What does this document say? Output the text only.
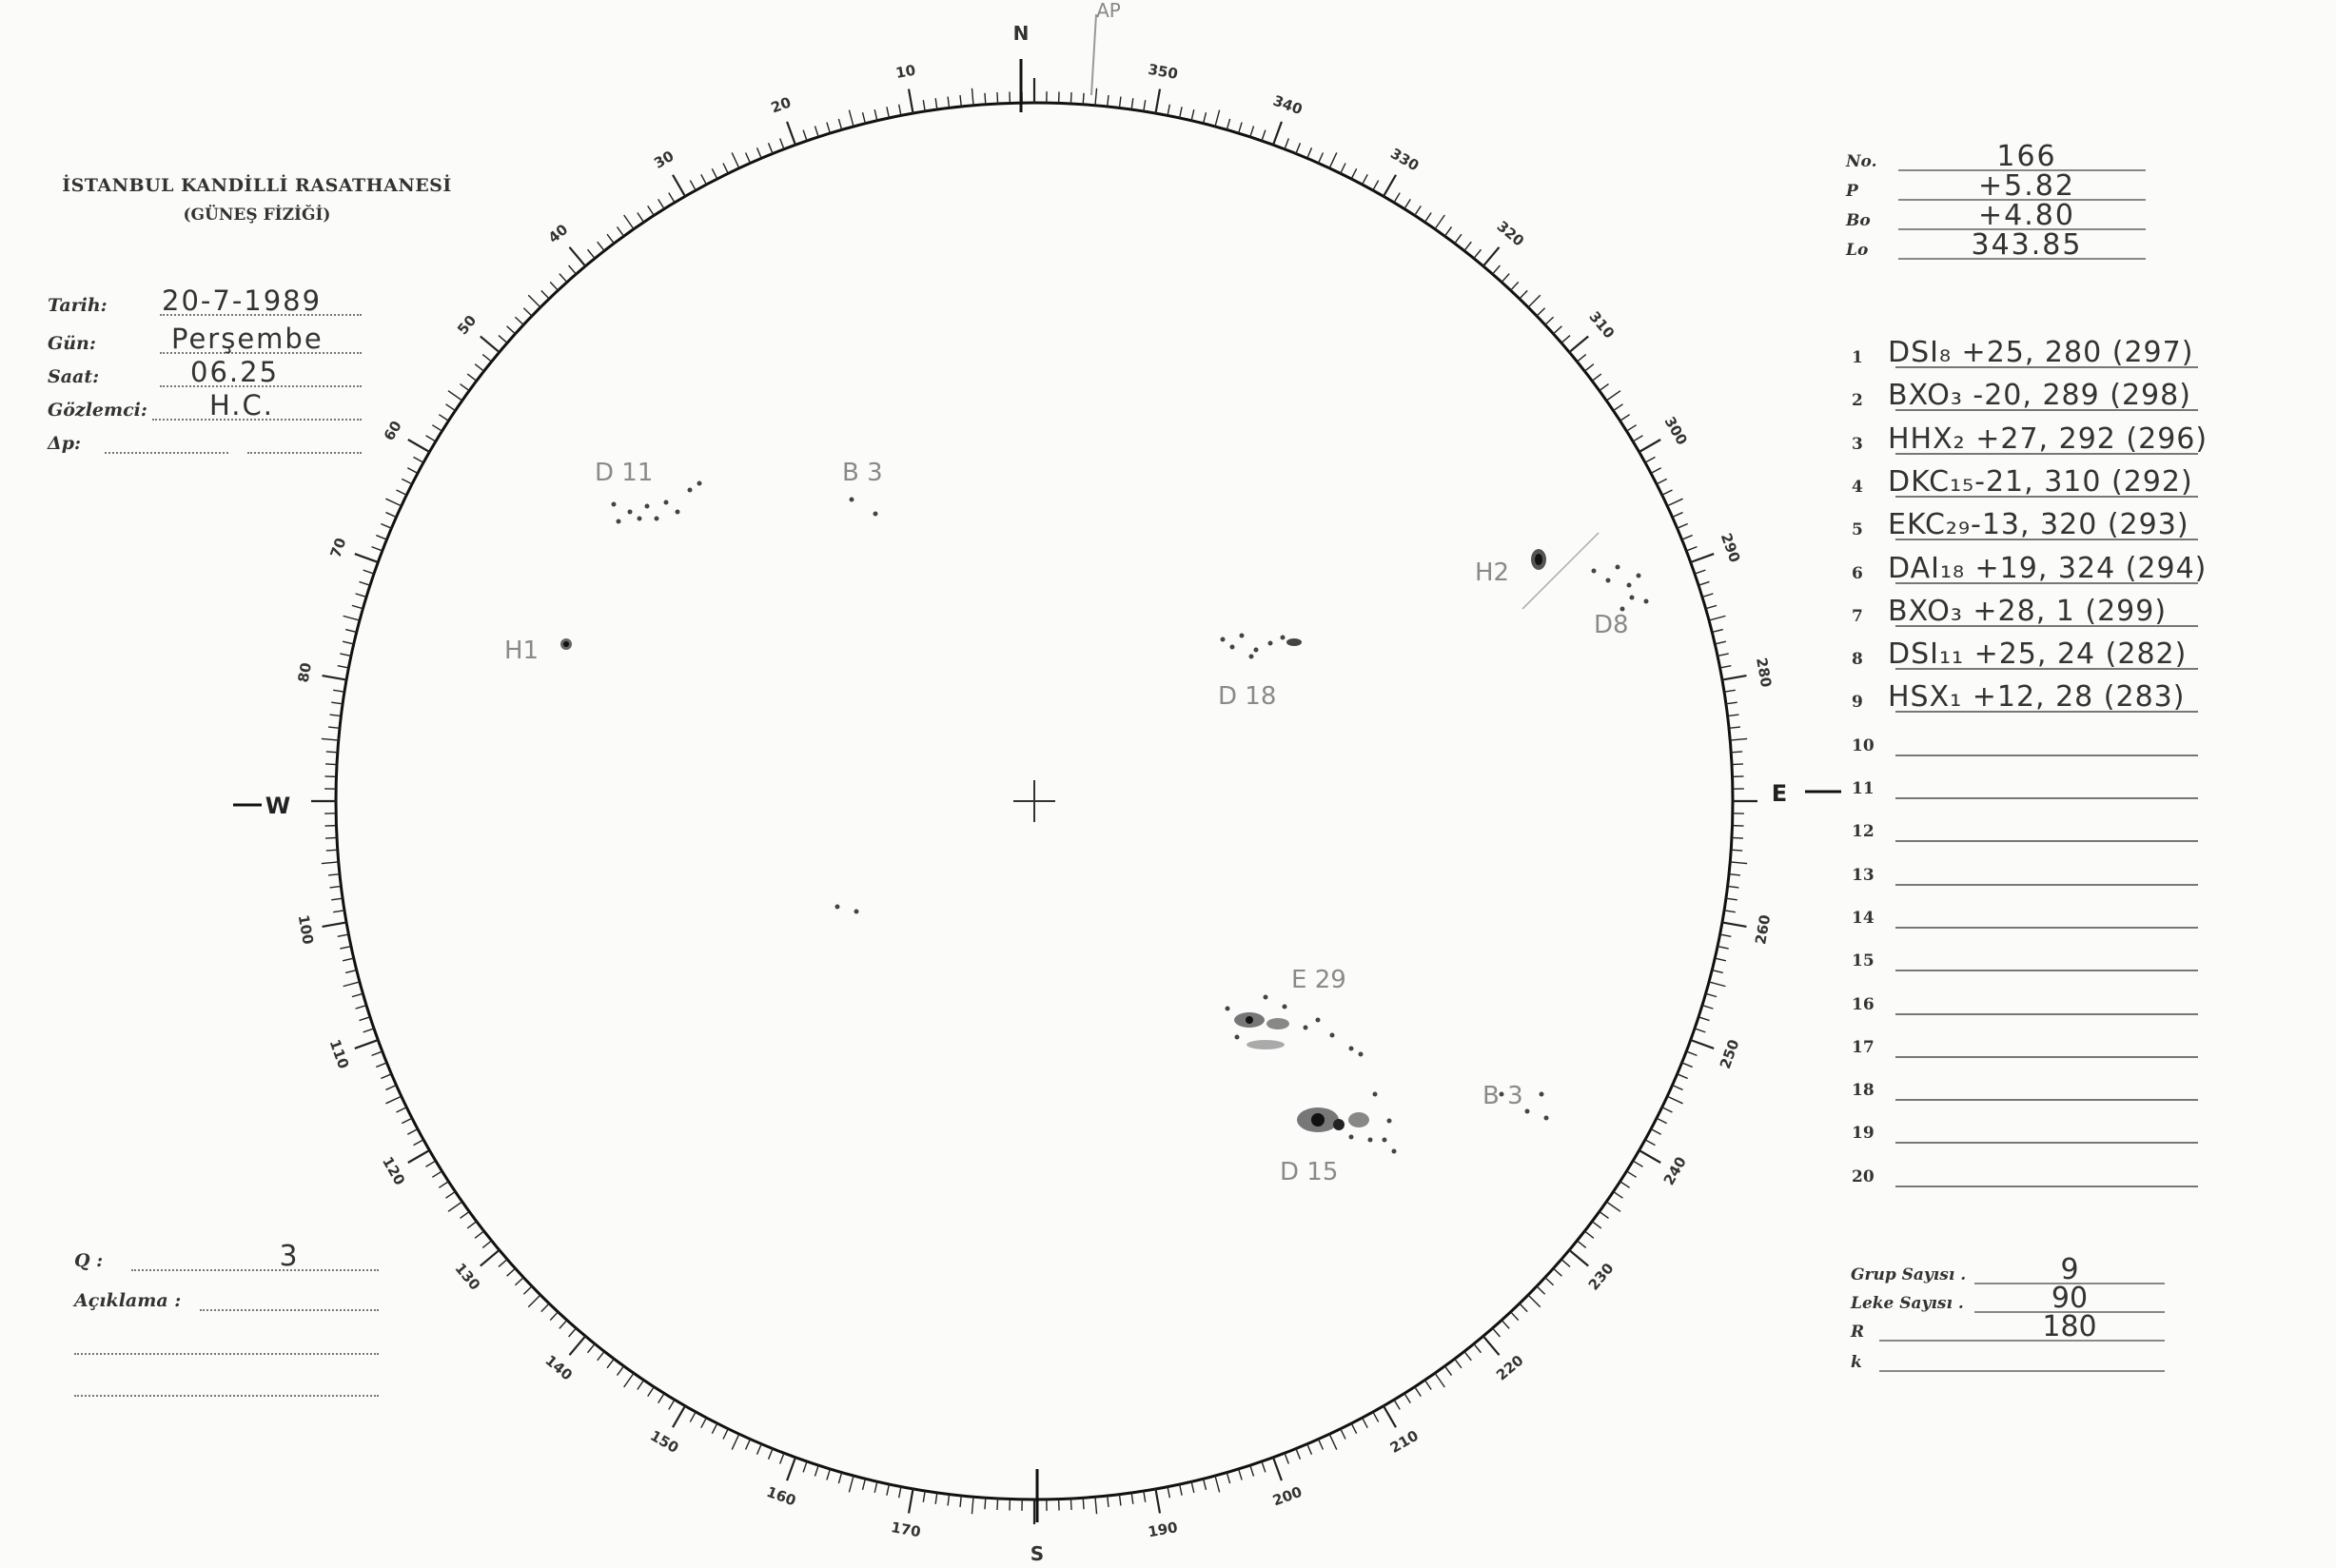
İSTANBUL KANDİLLİ RASATHANESİ
(GÜNEŞ FİZİĞİ)
Tarih: 20-7-1989
Gün:	Perşembe
Saat:	06.25
Gözlemci: H.C.
Δp:
No.	166
P	+5.82
Bo	+4.80
Lo	343.85
1 DSI₈ +25, 280 (297)
2 BXO₃ -20, 289 (298)
3 HHX₂ +27, 292 (296)
4 DKC₁₅-21, 310 (292)
5 EKC₂₉-13, 320 (293)
6 DAI₁₈ +19, 324 (294)
7 BXO₃ +28, 1 (299)
8 DSI₁₁ +25, 24 (282)
9 HSX₁ +12, 28 (283)
10
11
12
13
14
15
16
17
18
19
20
Grup Sayısı .	9
Leke Sayısı .	90
R	180
k
Q :	3
Açıklama :
10
20
30
40
50
60
70
80
100
110
120
130
140
150
160
170	190
200
210
220
230
240
250
260
280
290
300
310
320
330
340
350
N
S
W	E
AP
D 11	B 3
H1
H2
D8
D 18
E 29
B 3
D 15
